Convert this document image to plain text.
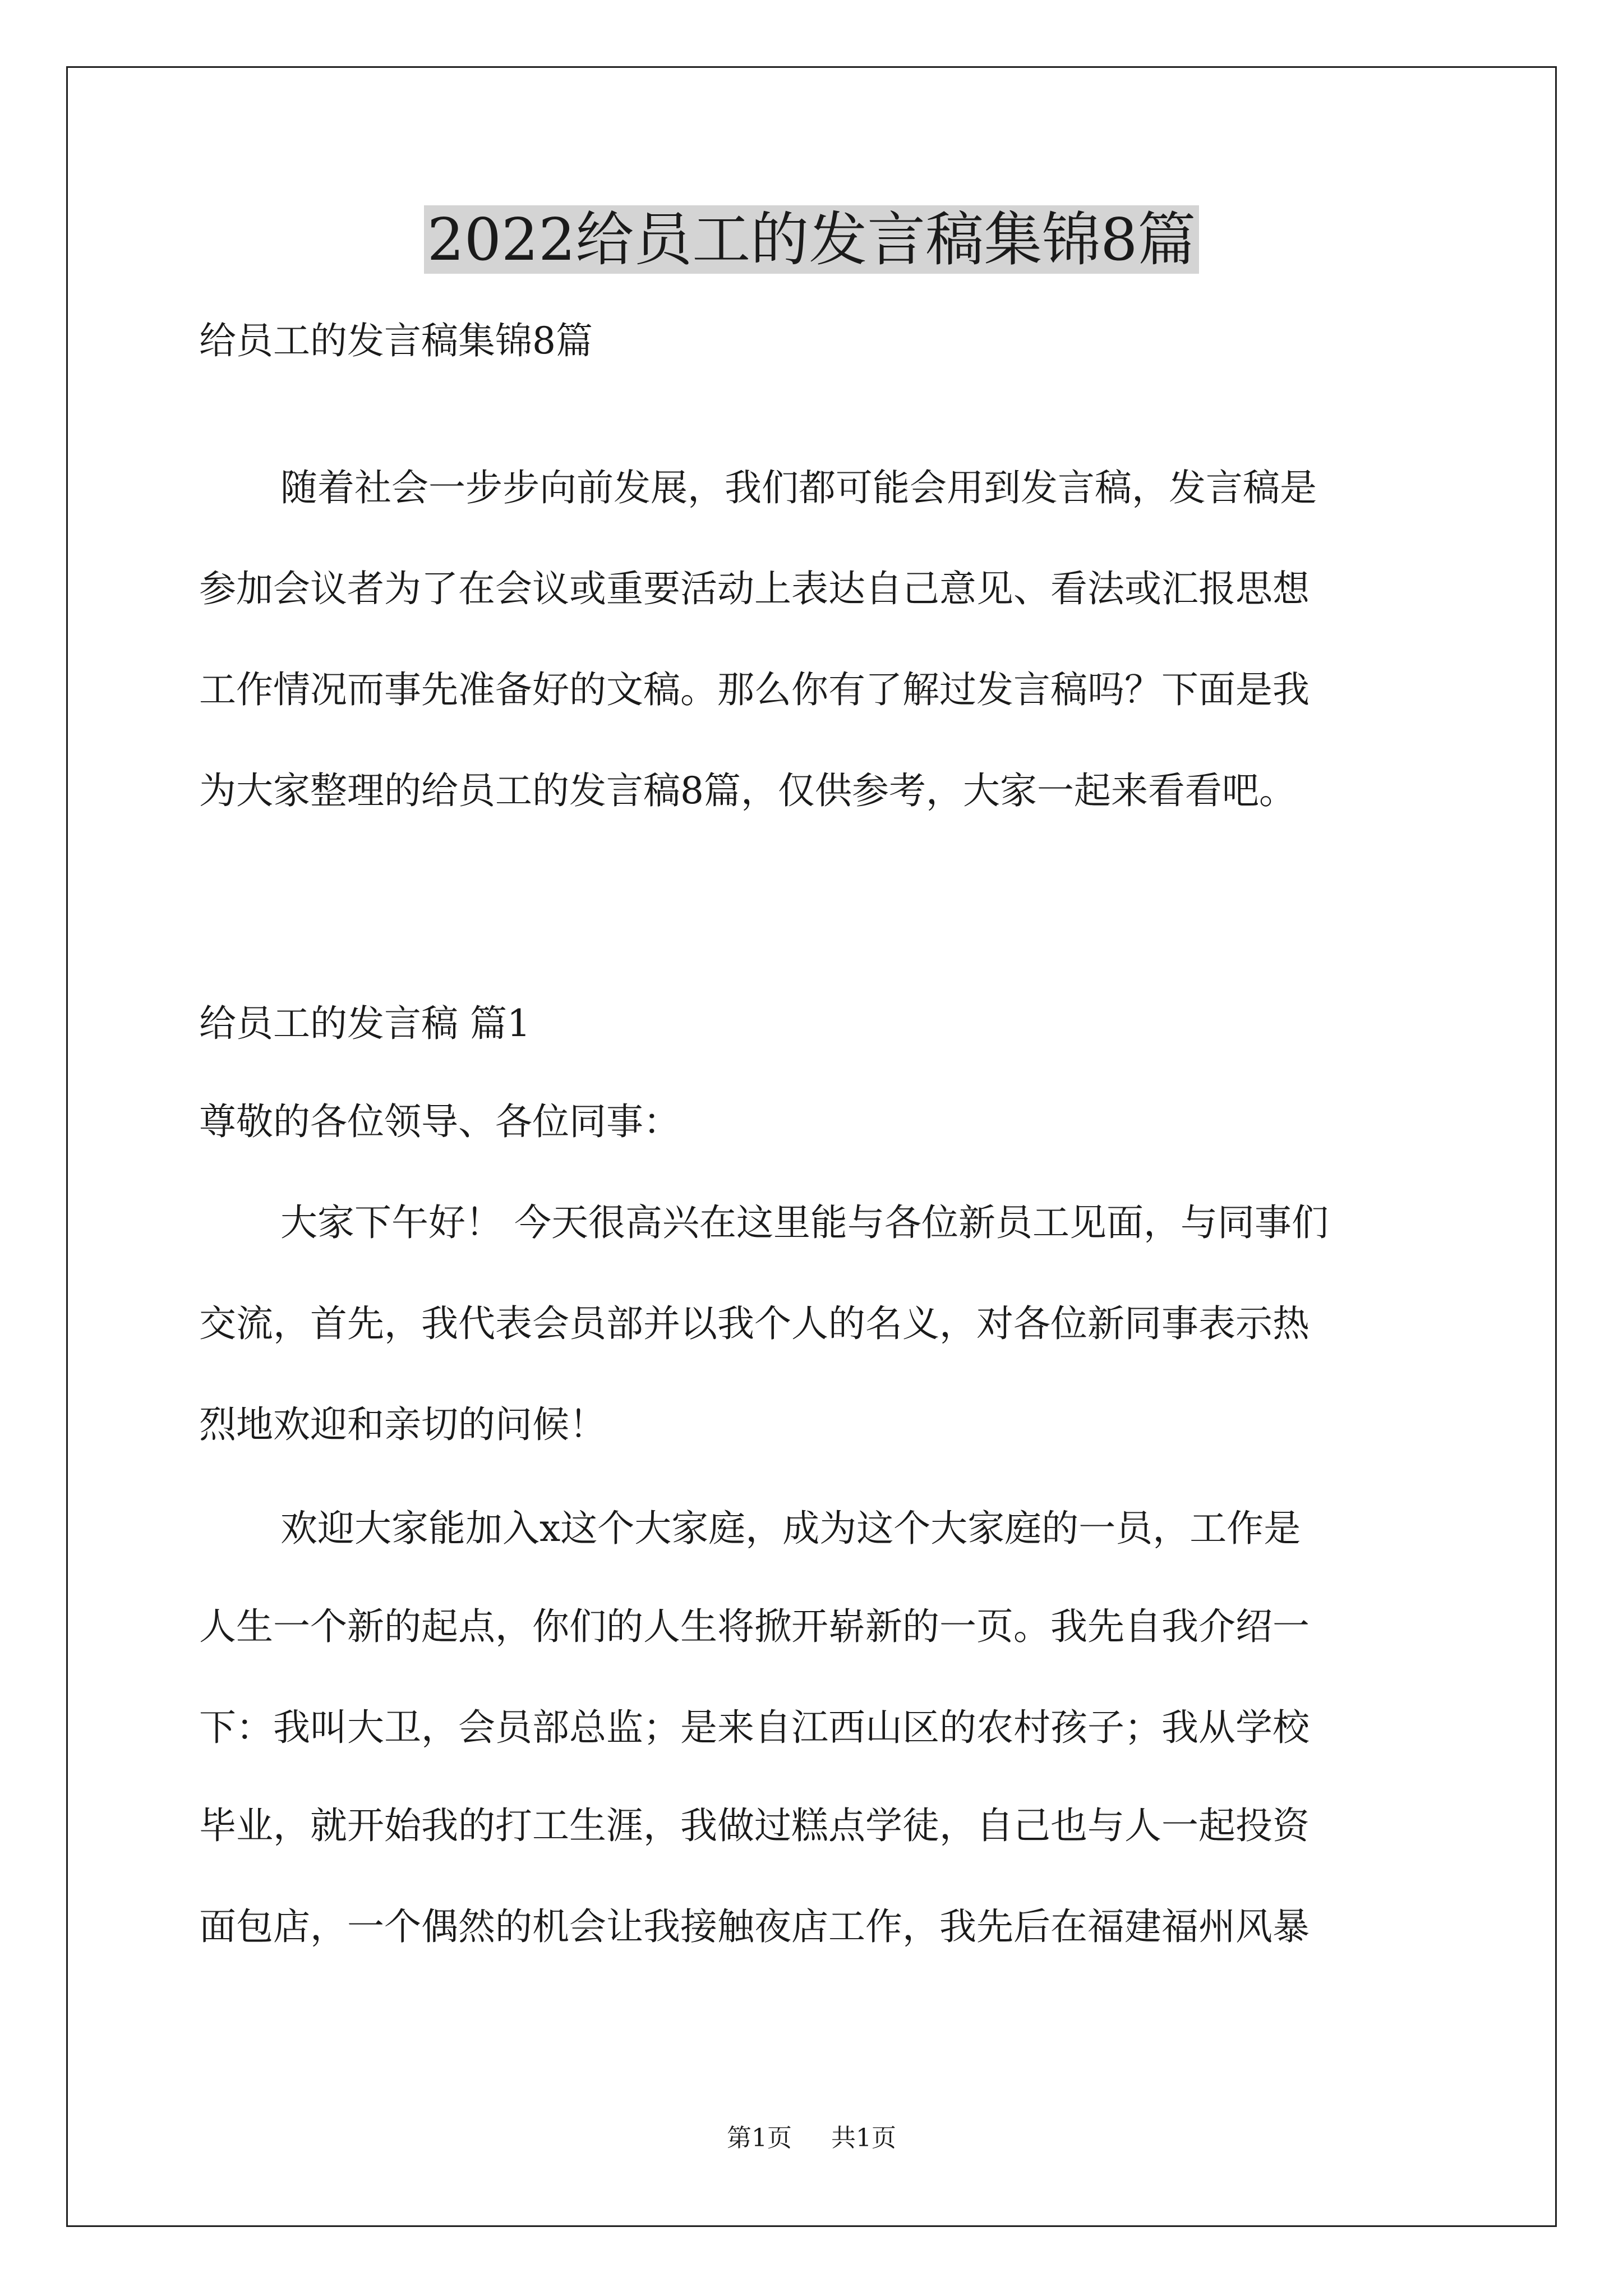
2022给员工的发言稿集锦8篇
给员工的发言稿集锦8篇
随着社会一步步向前发展，我们都可能会用到发言稿，发言稿是
参加会议者为了在会议或重要活动上表达自己意见、看法或汇报思想
工作情况而事先准备好的文稿。那么你有了解过发言稿吗？下面是我
为大家整理的给员工的发言稿8篇，仅供参考，大家一起来看看吧。
给员工的发言稿 篇1
尊敬的各位领导、各位同事：
大家下午好！ 今天很高兴在这里能与各位新员工见面，与同事们
交流，首先，我代表会员部并以我个人的名义，对各位新同事表示热
烈地欢迎和亲切的问候！
欢迎大家能加入x这个大家庭，成为这个大家庭的一员，工作是
人生一个新的起点，你们的人生将掀开崭新的一页。我先自我介绍一
下：我叫大卫，会员部总监；是来自江西山区的农村孩子；我从学校
毕业，就开始我的打工生涯，我做过糕点学徒，自己也与人一起投资
面包店，一个偶然的机会让我接触夜店工作，我先后在福建福州风暴
第1页 共1页
